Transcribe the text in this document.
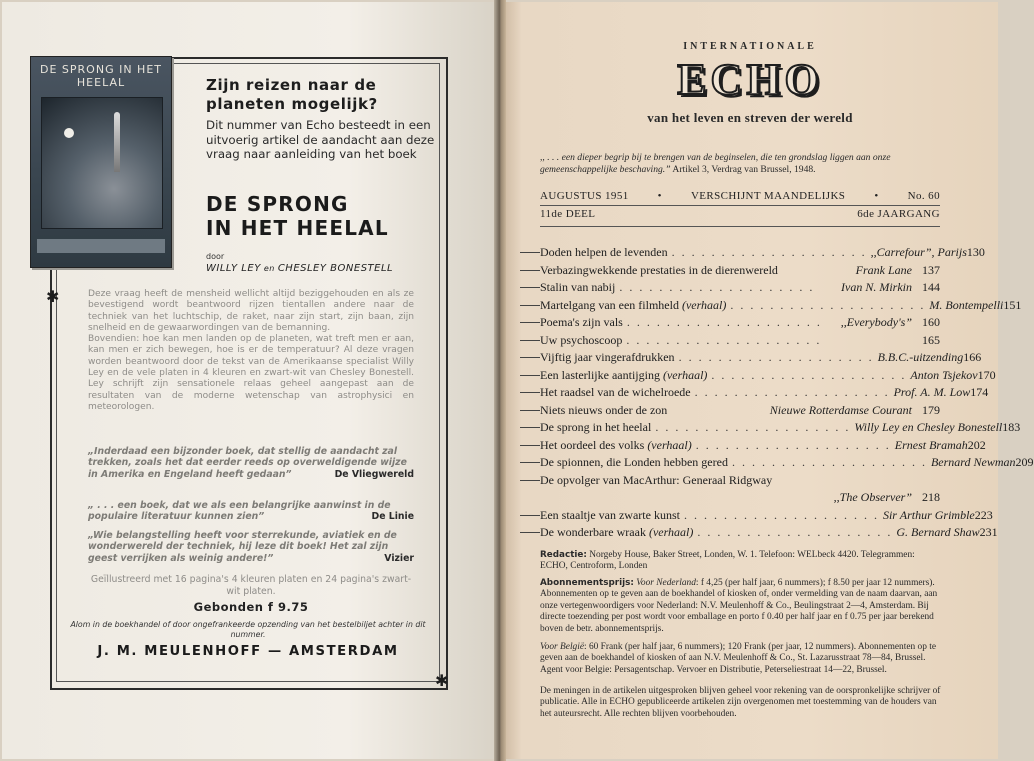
DE SPRONG IN HET HEELAL	Zijn reizen naar de planeten mogelijk?
Dit nummer van Echo besteedt in een uitvoerig artikel de aandacht aan deze vraag naar aanleiding van het boek
DE SPRONG
IN HET HEELAL
door
WILLY LEY en CHESLEY BONESTELL
✱
✱

Deze vraag heeft de mensheid wellicht altijd beziggehouden en als ze bevestigend wordt beantwoord rijzen tientallen andere naar de techniek van het luchtschip, de raket, naar zijn start, zijn baan, zijn snelheid en de gewaarwordingen van de bemanning.

Bovendien: hoe kan men landen op de planeten, wat treft men er aan, kan men er zich bewegen, hoe is er de temperatuur? Al deze vragen worden beantwoord door de tekst van de Amerikaanse specialist Willy Ley en de vele platen in 4 kleuren en zwart-wit van Chesley Bonestell. Ley schrijft zijn sensationele relaas geheel aangepast aan de resultaten van de moderne wetenschap van astrophysici en meteorologen.

„Inderdaad een bijzonder boek, dat stellig de aandacht zal trekken, zoals het dat eerder reeds op overweldigende wijze in Amerika en Engeland heeft gedaan”	De Vliegwereld
„ . . . een boek, dat we als een belangrijke aanwinst in de populaire literatuur kunnen zien”	De Linie
„Wie belangstelling heeft voor sterrekunde, aviatiek en de wonderwereld der techniek, hij leze dit boek! Het zal zijn geest verrijken als weinig andere!”	Vizier
Geïllustreerd met 16 pagina's 4 kleuren platen en 24 pagina's zwart-wit platen.
Gebonden f 9.75
Alom in de boekhandel of door ongefrankeerde opzending van het bestelbiljet achter in dit nummer.
J. M. MEULENHOFF — AMSTERDAM
INTERNATIONALE
ECHO
van het leven en streven der wereld
,, . . . een dieper begrip bij te brengen van de beginselen, die ten grondslag liggen aan onze gemeenschappelijke beschaving.” Artikel 3, Verdrag van Brussel, 1948.
AUGUSTUS 1951	•	VERSCHIJNT MAANDELIJKS	•	No. 60
11de DEEL	6de JAARGANG
Doden helpen de levenden . . . . . . . . . . . . . . . . . . . . ,,Carrefour”, Parijs 130
Verbazingwekkende prestaties in de dierenwereld	Frank Lane 137
Stalin van nabij . . . . . . . . . . . . . . . . . . . .	Ivan N. Mirkin 144
Martelgang van een filmheld (verhaal) . . . . . . . . . . . . . . . . . . . . M. Bontempelli 151
Poema's zijn vals . . . . . . . . . . . . . . . . . . . .	,,Everybody's” 160
Uw psychoscoop . . . . . . . . . . . . . . . . . . . .	165
Vijftig jaar vingerafdrukken . . . . . . . . . . . . . . . . . . . . B.B.C.-uitzending 166
Een lasterlijke aantijging (verhaal) . . . . . . . . . . . . . . . . . . . . Anton Tsjekov 170
Het raadsel van de wichelroede . . . . . . . . . . . . . . . . . . . . Prof. A. M. Low 174
Niets nieuws onder de zon	Nieuwe Rotterdamse Courant 179
De sprong in het heelal . . . . . . . . . . . . . . . . . . . . Willy Ley en Chesley Bonestell 183
Het oordeel des volks (verhaal) . . . . . . . . . . . . . . . . . . . . Ernest Bramah 202
De spionnen, die Londen hebben gered . . . . . . . . . . . . . . . . . . . . Bernard Newman 209
De opvolger van MacArthur: Generaal Ridgway
,,The Observer” 218
Een staaltje van zwarte kunst . . . . . . . . . . . . . . . . . . . . Sir Arthur Grimble 223
De wonderbare wraak (verhaal) . . . . . . . . . . . . . . . . . . . . G. Bernard Shaw 231

Redactie: Norgeby House, Baker Street, Londen, W. 1. Telefoon: WELbeck 4420. Telegrammen: ECHO, Centroform, Londen

Abonnementsprijs: Voor Nederland: f 4,25 (per half jaar, 6 nummers); f 8.50 per jaar 12 nummers). Abonnementen op te geven aan de boekhandel of kiosken of, onder vermelding van de naam daarvan, aan onze vertegenwoordigers voor Nederland: N.V. Meulenhoff & Co., Beulingstraat 2—4, Amsterdam. Bij directe toezending per post wordt voor emballage en porto f 0.40 per half jaar en f 0.75 per jaar berekend boven de betr. abonnementsprijs.

Voor België: 60 Frank (per half jaar, 6 nummers); 120 Frank (per jaar, 12 nummers). Abonnementen op te geven aan de boekhandel of kiosken of aan N.V. Meulenhoff & Co., St. Lazarusstraat 78—84, Brussel. Agent voor Belgie: Persagentschap. Vervoer en Distributie, Peterseliestraat 14—22, Brussel.

De meningen in de artikelen uitgesproken blijven geheel voor rekening van de oorspronkelijke schrijver of publicatie. Alle in ECHO gepubliceerde artikelen zijn overgenomen met toestemming van de houders van het auteursrecht. Alle rechten blijven voorbehouden.
